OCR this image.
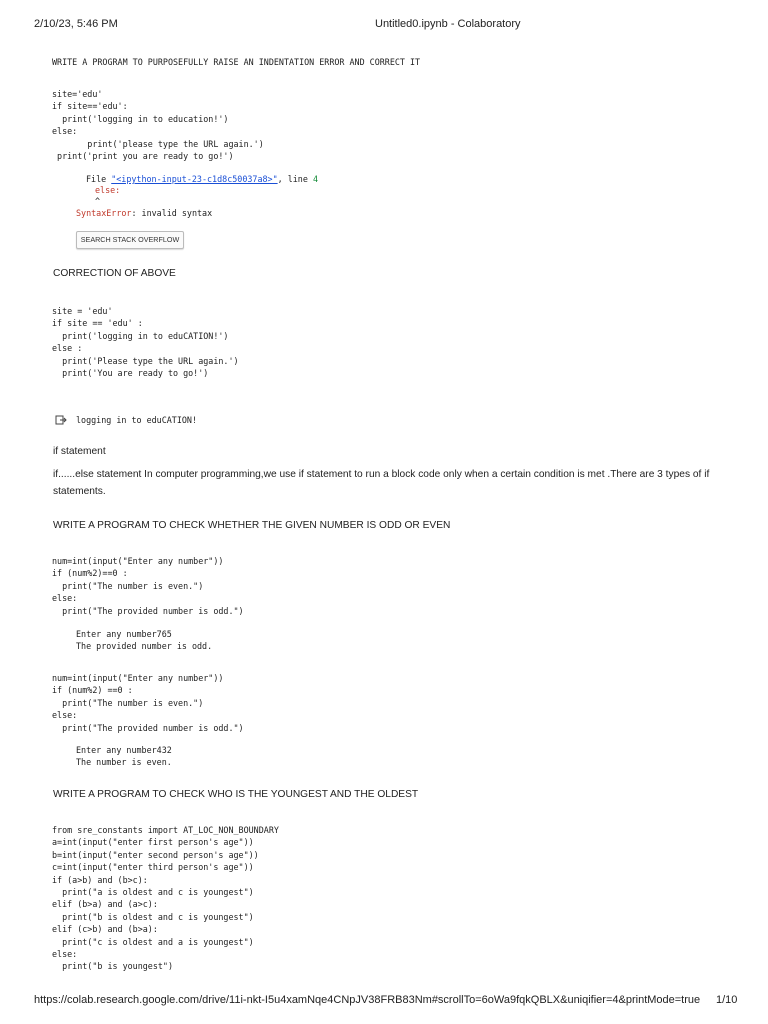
2/10/23, 5:46 PM	Untitled0.ipynb - Colaboratory
WRITE A PROGRAM TO PURPOSEFULLY RAISE AN INDENTATION ERROR AND CORRECT IT
site='edu'
if site=='edu':
print('logging in to education!')
else:
print('please type the URL again.')
print('print you are ready to go!')
File "<ipython-input-23-c1d8c50037a8>", line 4
else:
^
SyntaxError: invalid syntax
SEARCH STACK OVERFLOW
CORRECTION OF ABOVE
site = 'edu'
if site == 'edu' :
print('logging in to eduCATION!')
else :
print('Please type the URL again.')
print('You are ready to go!')
logging in to eduCATION!
if statement
if......else statement In computer programming,we use if statement to run a block code only when a certain condition is met .There are 3 types of if statements.
WRITE A PROGRAM TO CHECK WHETHER THE GIVEN NUMBER IS ODD OR EVEN
num=int(input("Enter any number"))
if (num%2)==0 :
print("The number is even.")
else:
print("The provided number is odd.")
Enter any number765
The provided number is odd.
num=int(input("Enter any number"))
if (num%2) ==0 :
print("The number is even.")
else:
print("The provided number is odd.")
Enter any number432
The number is even.
WRITE A PROGRAM TO CHECK WHO IS THE YOUNGEST AND THE OLDEST
from sre_constants import AT_LOC_NON_BOUNDARY
a=int(input("enter first person's age"))
b=int(input("enter second person's age"))
c=int(input("enter third person's age"))
if (a>b) and (b>c):
print("a is oldest and c is youngest")
elif (b>a) and (a>c):
print("b is oldest and c is youngest")
elif (c>b) and (b>a):
print("c is oldest and a is youngest")
else:
print("b is youngest")
https://colab.research.google.com/drive/11i-nkt-I5u4xamNqe4CNpJV38FRB83Nm#scrollTo=6oWa9fqkQBLX&uniqifier=4&printMode=true 1/10
